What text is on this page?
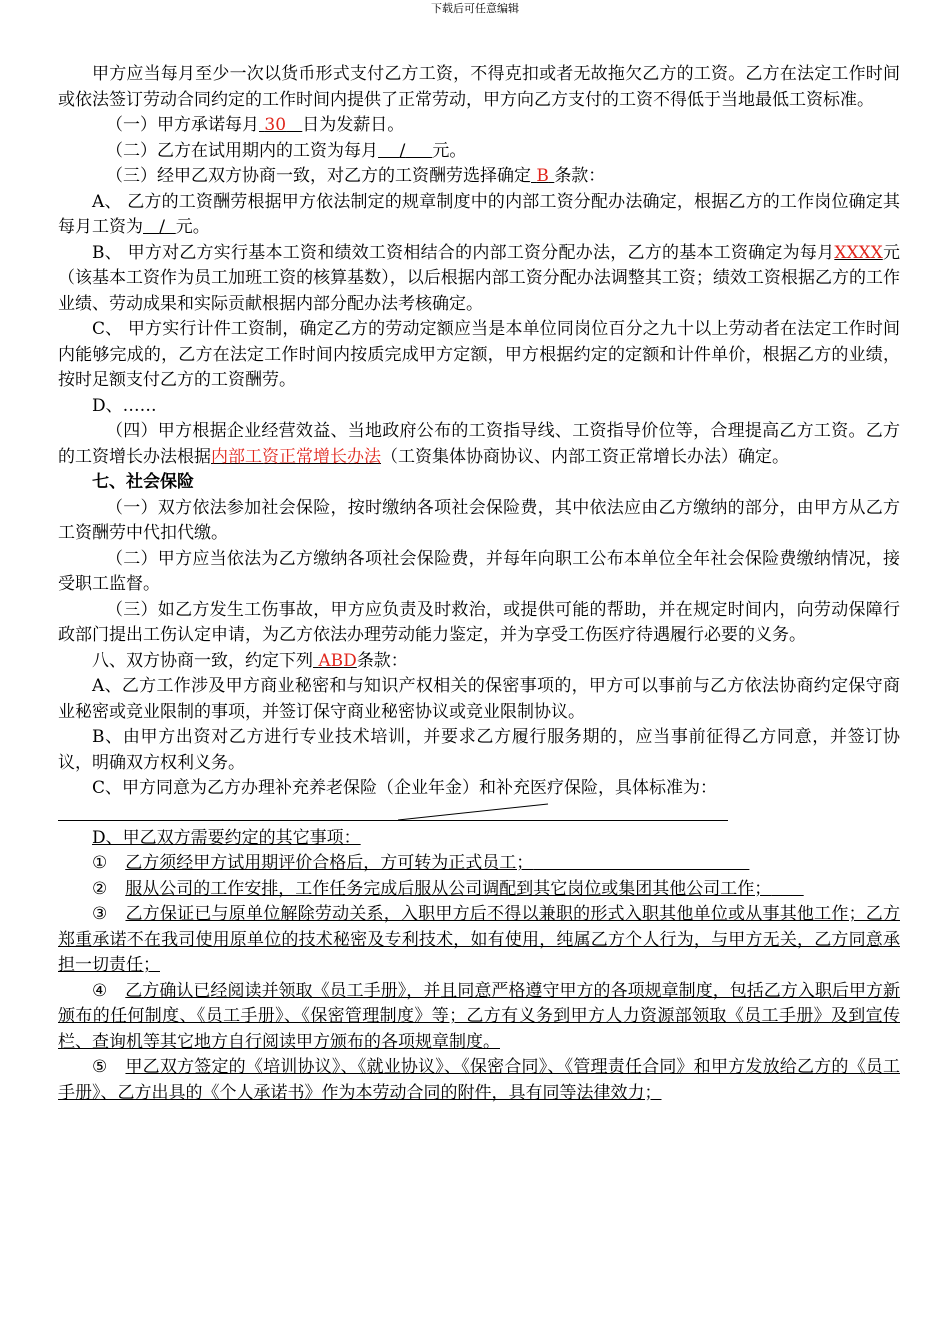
下载后可任意编辑

甲方应当每月至少一次以货币形式支付乙方工资，不得克扣或者无故拖欠乙方的工资。乙方在法定工作时间或依法签订劳动合同约定的工作时间内提供了正常劳动，甲方向乙方支付的工资不得低于当地最低工资标准。

（一）甲方承诺每月 30 日为发薪日。

（二）乙方在试用期内的工资为每月 / 元。

（三）经甲乙双方协商一致，对乙方的工资酬劳选择确定 B 条款：

A、 乙方的工资酬劳根据甲方依法制定的规章制度中的内部工资分配办法确定，根据乙方的工作岗位确定其每月工资为 / 元。

B、 甲方对乙方实行基本工资和绩效工资相结合的内部工资分配办法，乙方的基本工资确定为每月XXXX元（该基本工资作为员工加班工资的核算基数），以后根据内部工资分配办法调整其工资；绩效工资根据乙方的工作业绩、劳动成果和实际贡献根据内部分配办法考核确定。

C、 甲方实行计件工资制，确定乙方的劳动定额应当是本单位同岗位百分之九十以上劳动者在法定工作时间内能够完成的，乙方在法定工作时间内按质完成甲方定额，甲方根据约定的定额和计件单价，根据乙方的业绩，按时足额支付乙方的工资酬劳。

D、……

（四）甲方根据企业经营效益、当地政府公布的工资指导线、工资指导价位等，合理提高乙方工资。乙方的工资增长办法根据内部工资正常增长办法（工资集体协商协议、内部工资正常增长办法）确定。

七、社会保险

（一）双方依法参加社会保险，按时缴纳各项社会保险费，其中依法应由乙方缴纳的部分，由甲方从乙方工资酬劳中代扣代缴。

（二）甲方应当依法为乙方缴纳各项社会保险费，并每年向职工公布本单位全年社会保险费缴纳情况，接受职工监督。

（三）如乙方发生工伤事故，甲方应负责及时救治，或提供可能的帮助，并在规定时间内，向劳动保障行政部门提出工伤认定申请，为乙方依法办理劳动能力鉴定，并为享受工伤医疗待遇履行必要的义务。

八、双方协商一致，约定下列 ABD条款：

A、乙方工作涉及甲方商业秘密和与知识产权相关的保密事项的，甲方可以事前与乙方依法协商约定保守商业秘密或竞业限制的事项，并签订保守商业秘密协议或竞业限制协议。

B、由甲方出资对乙方进行专业技术培训，并要求乙方履行服务期的，应当事前征得乙方同意，并签订协议，明确双方权利义务。

C、甲方同意为乙方办理补充养老保险（企业年金）和补充医疗保险，具体标准为：

D、甲乙双方需要约定的其它事项：

① 乙方须经甲方试用期评价合格后，方可转为正式员工；

② 服从公司的工作安排，工作任务完成后服从公司调配到其它岗位或集团其他公司工作；

③ 乙方保证已与原单位解除劳动关系，入职甲方后不得以兼职的形式入职其他单位或从事其他工作；乙方郑重承诺不在我司使用原单位的技术秘密及专利技术，如有使用，纯属乙方个人行为，与甲方无关，乙方同意承担一切责任；

④ 乙方确认已经阅读并领取《员工手册》，并且同意严格遵守甲方的各项规章制度，包括乙方入职后甲方新颁布的任何制度、《员工手册》、《保密管理制度》等；乙方有义务到甲方人力资源部领取《员工手册》及到宣传栏、查询机等其它地方自行阅读甲方颁布的各项规章制度。

⑤ 甲乙双方签定的《培训协议》、《就业协议》、《保密合同》、《管理责任合同》和甲方发放给乙方的《员工手册》、乙方出具的《个人承诺书》作为本劳动合同的附件，具有同等法律效力；
